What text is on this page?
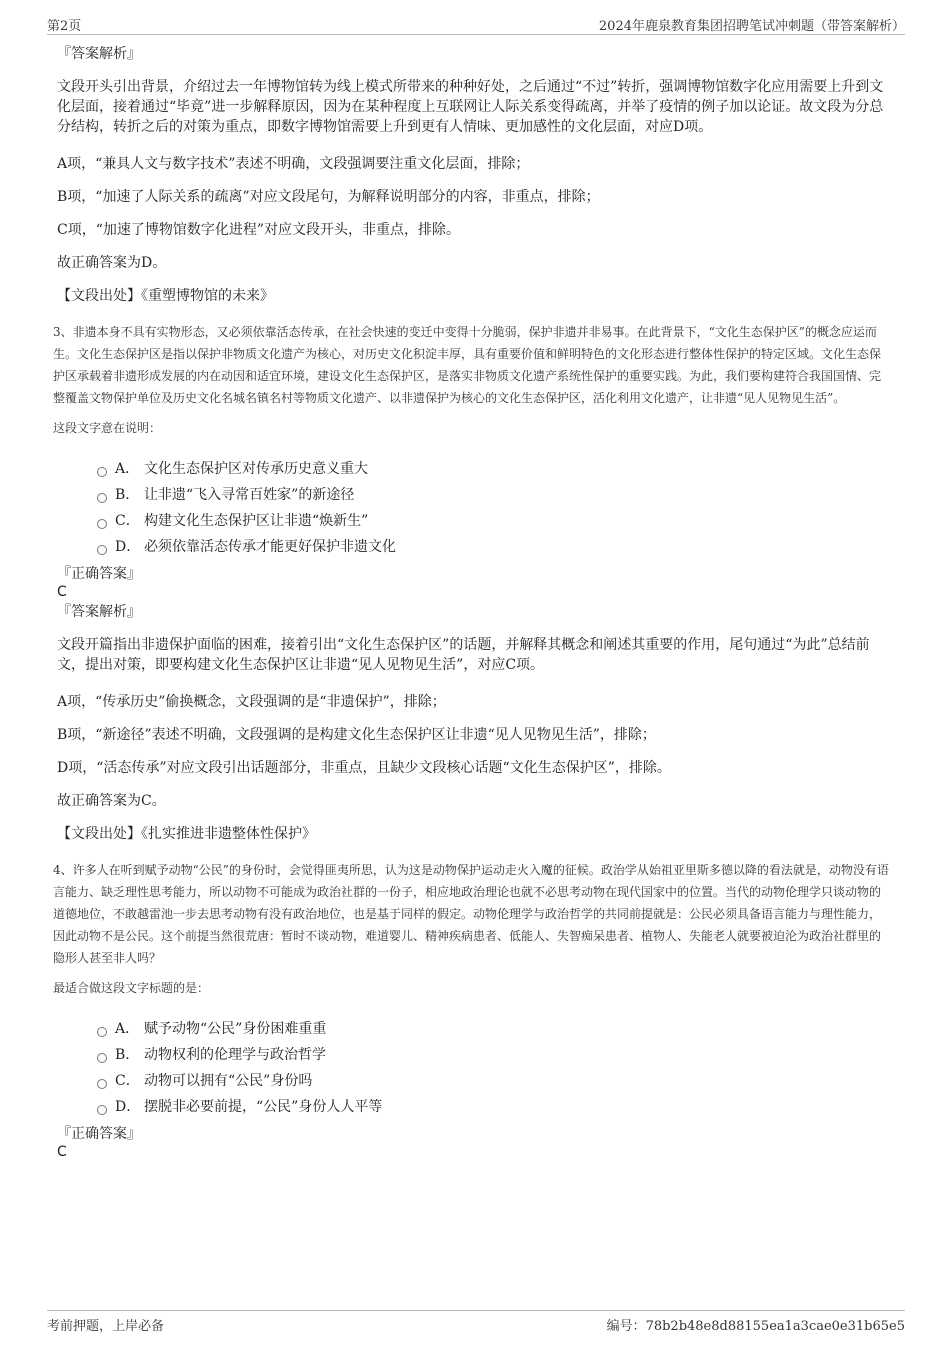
第2页	2024年鹿泉教育集团招聘笔试冲刺题（带答案解析）

『答案解析』

文段开头引出背景，介绍过去一年博物馆转为线上模式所带来的种种好处，之后通过“不过”转折，强调博物馆数字化应用需要上升到文化层面，接着通过“毕竟”进一步解释原因，因为在某种程度上互联网让人际关系变得疏离，并举了疫情的例子加以论证。故文段为分总分结构，转折之后的对策为重点，即数字博物馆需要上升到更有人情味、更加感性的文化层面，对应D项。

A项，“兼具人文与数字技术”表述不明确，文段强调要注重文化层面，排除；

B项，“加速了人际关系的疏离”对应文段尾句，为解释说明部分的内容，非重点，排除；

C项，“加速了博物馆数字化进程”对应文段开头，非重点，排除。

故正确答案为D。

【文段出处】《重塑博物馆的未来》

3、非遗本身不具有实物形态，又必须依靠活态传承，在社会快速的变迁中变得十分脆弱，保护非遗并非易事。在此背景下，“文化生态保护区”的概念应运而生。文化生态保护区是指以保护非物质文化遗产为核心，对历史文化积淀丰厚，具有重要价值和鲜明特色的文化形态进行整体性保护的特定区域。文化生态保护区承载着非遗形成发展的内在动因和适宜环境，建设文化生态保护区，是落实非物质文化遗产系统性保护的重要实践。为此，我们要构建符合我国国情、完整覆盖文物保护单位及历史文化名城名镇名村等物质文化遗产、以非遗保护为核心的文化生态保护区，活化利用文化遗产，让非遗“见人见物见生活”。

这段文字意在说明：

A． 文化生态保护区对传承历史意义重大
B． 让非遗“飞入寻常百姓家”的新途径
C． 构建文化生态保护区让非遗“焕新生”
D． 必须依靠活态传承才能更好保护非遗文化

『正确答案』

C

『答案解析』

文段开篇指出非遗保护面临的困难，接着引出“文化生态保护区”的话题，并解释其概念和阐述其重要的作用，尾句通过“为此”总结前文，提出对策，即要构建文化生态保护区让非遗“见人见物见生活”，对应C项。

A项，“传承历史”偷换概念，文段强调的是“非遗保护”，排除；

B项，“新途径”表述不明确，文段强调的是构建文化生态保护区让非遗“见人见物见生活”，排除；

D项，“活态传承”对应文段引出话题部分，非重点，且缺少文段核心话题“文化生态保护区”，排除。

故正确答案为C。

【文段出处】《扎实推进非遗整体性保护》

4、许多人在听到赋予动物“公民”的身份时，会觉得匪夷所思，认为这是动物保护运动走火入魔的征候。政治学从始祖亚里斯多德以降的看法就是，动物没有语言能力、缺乏理性思考能力，所以动物不可能成为政治社群的一份子，相应地政治理论也就不必思考动物在现代国家中的位置。当代的动物伦理学只谈动物的道德地位，不敢越雷池一步去思考动物有没有政治地位，也是基于同样的假定。动物伦理学与政治哲学的共同前提就是：公民必须具备语言能力与理性能力，因此动物不是公民。这个前提当然很荒唐：暂时不谈动物，难道婴儿、精神疾病患者、低能人、失智痴呆患者、植物人、失能老人就要被迫沦为政治社群里的隐形人甚至非人吗？

最适合做这段文字标题的是：

A． 赋予动物“公民”身份困难重重
B． 动物权利的伦理学与政治哲学
C． 动物可以拥有“公民”身份吗
D． 摆脱非必要前提，“公民”身份人人平等

『正确答案』

C

考前押题，上岸必备	编号：78b2b48e8d88155ea1a3cae0e31b65e5
